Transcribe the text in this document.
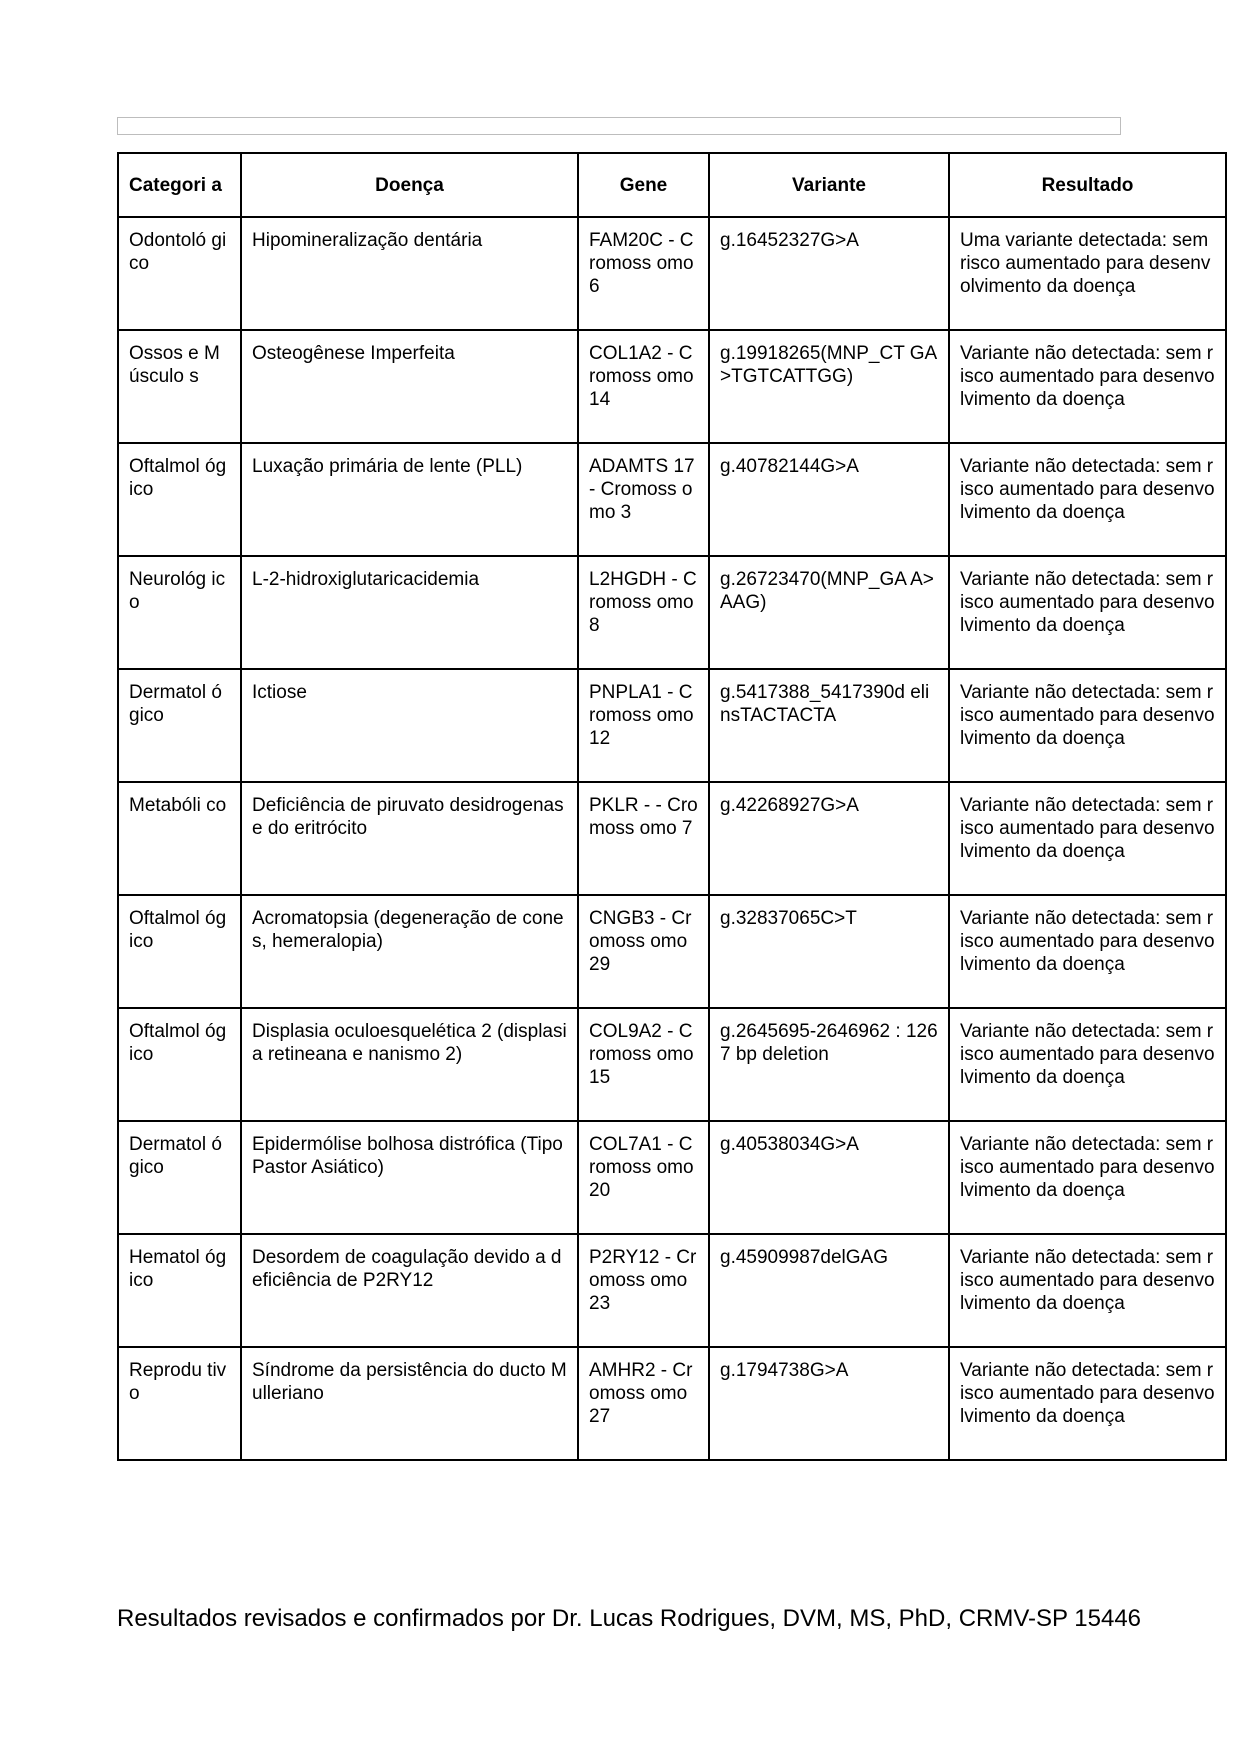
Categori a	Doença	Gene	Variante	Resultado
Odontoló gico	Hipomineralização dentária	FAM20C - Cromoss omo 6	g.16452327G>A	Uma variante detectada: sem risco aumentado para desenvolvimento da doença
Ossos e Músculo s	Osteogênese Imperfeita	COL1A2 - Cromoss omo 14	g.19918265(MNP_CT GA>TGTCATTGG)	Variante não detectada: sem risco aumentado para desenvolvimento da doença
Oftalmol ógico	Luxação primária de lente (PLL)	ADAMTS 17 - Cromoss omo 3	g.40782144G>A	Variante não detectada: sem risco aumentado para desenvolvimento da doença
Neurológ ico	L-2-hidroxiglutaricacidemia	L2HGDH - Cromoss omo 8	g.26723470(MNP_GA A>AAG)	Variante não detectada: sem risco aumentado para desenvolvimento da doença
Dermatol ógico	Ictiose	PNPLA1 - Cromoss omo 12	g.5417388_5417390d elinsTACTACTA	Variante não detectada: sem risco aumentado para desenvolvimento da doença
Metabóli co	Deficiência de piruvato desidrogenase do eritrócito	PKLR - - Cromoss omo 7	g.42268927G>A	Variante não detectada: sem risco aumentado para desenvolvimento da doença
Oftalmol ógico	Acromatopsia (degeneração de cones, hemeralopia)	CNGB3 - Cromoss omo 29	g.32837065C>T	Variante não detectada: sem risco aumentado para desenvolvimento da doença
Oftalmol ógico	Displasia oculoesquelética 2 (displasia retineana e nanismo 2)	COL9A2 - Cromoss omo 15	g.2645695-2646962 : 1267 bp deletion	Variante não detectada: sem risco aumentado para desenvolvimento da doença
Dermatol ógico	Epidermólise bolhosa distrófica (Tipo Pastor Asiático)	COL7A1 - Cromoss omo 20	g.40538034G>A	Variante não detectada: sem risco aumentado para desenvolvimento da doença
Hematol ógico	Desordem de coagulação devido a deficiência de P2RY12	P2RY12 - Cromoss omo 23	g.45909987delGAG	Variante não detectada: sem risco aumentado para desenvolvimento da doença
Reprodu tivo	Síndrome da persistência do ducto Mulleriano	AMHR2 - Cromoss omo 27	g.1794738G>A	Variante não detectada: sem risco aumentado para desenvolvimento da doença
Resultados revisados e confirmados por Dr. Lucas Rodrigues, DVM, MS, PhD, CRMV-SP 15446
